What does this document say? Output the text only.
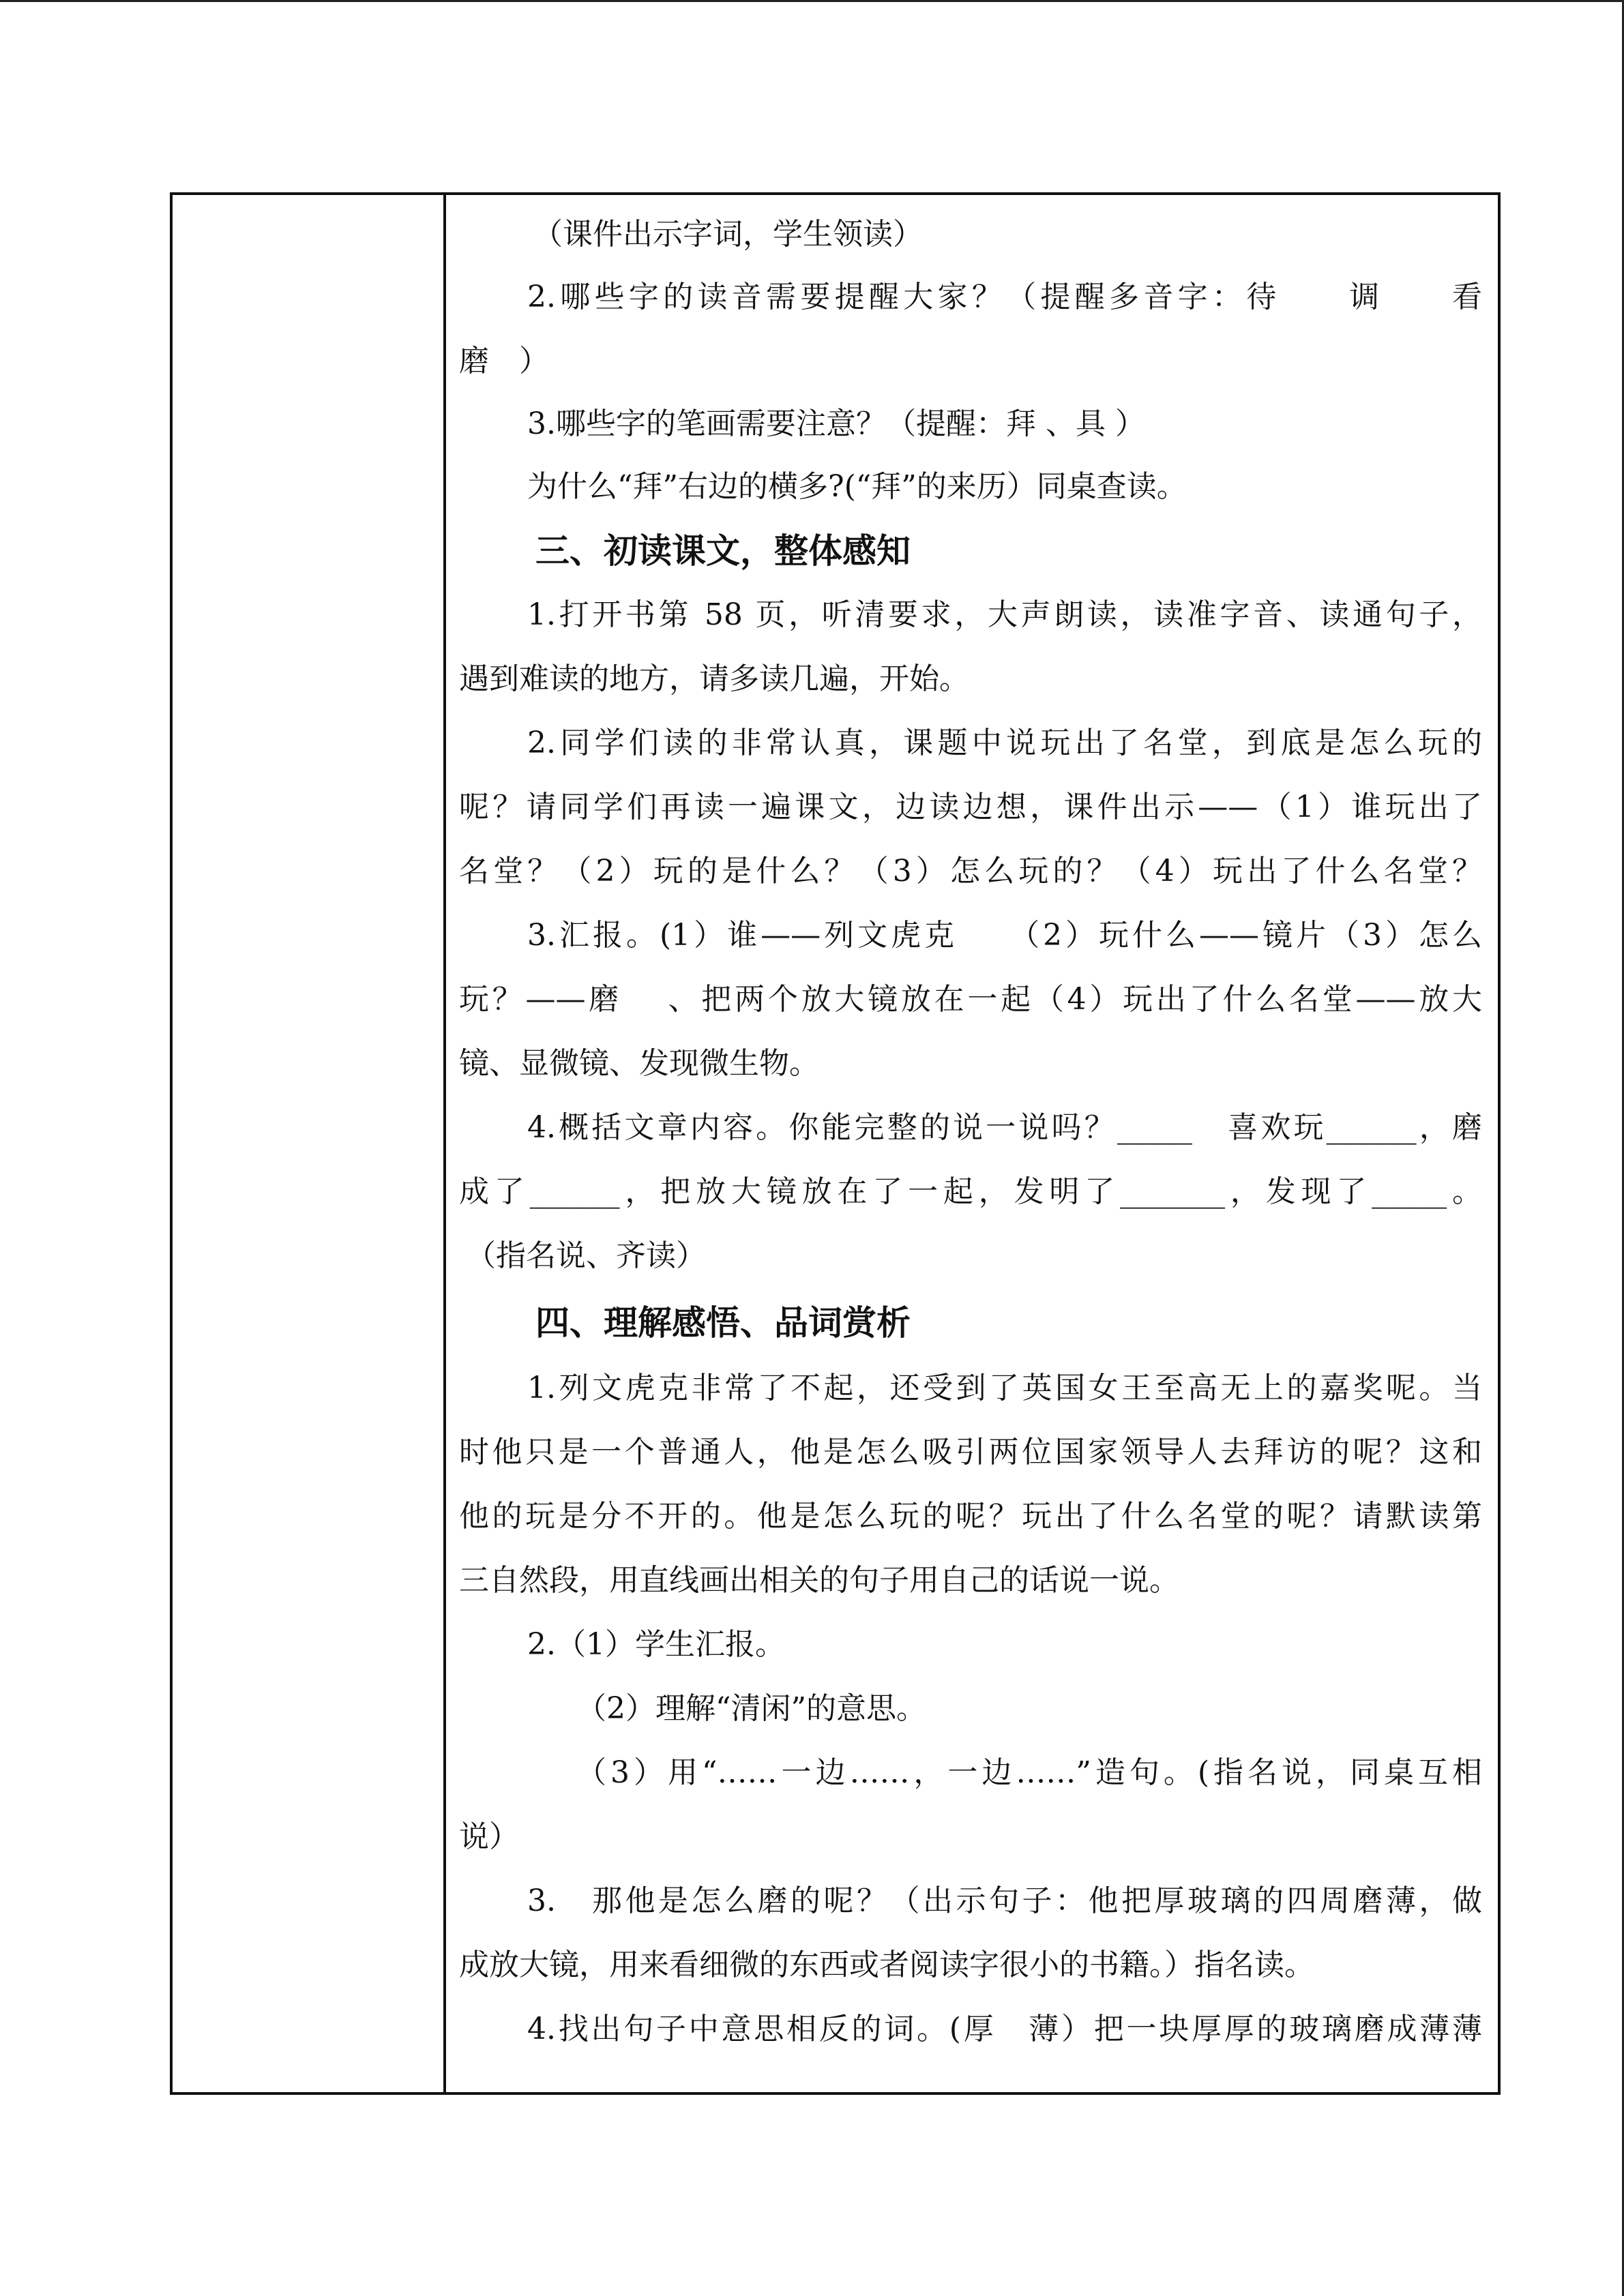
（课件出示字词，学生领读）
2.哪些字的读音需要提醒大家？（提醒多音字：待　　调　　看
磨　）
3.哪些字的笔画需要注意？（提醒：拜 、具 ）
为什么“拜”右边的横多?(“拜”的来历）同桌查读。
三、初读课文，整体感知
1.打开书第 58 页，听清要求，大声朗读，读准字音、读通句子，
遇到难读的地方，请多读几遍，开始。
2.同学们读的非常认真，课题中说玩出了名堂，到底是怎么玩的
呢？请同学们再读一遍课文，边读边想，课件出示——（1）谁玩出了
名堂？（2）玩的是什么？（3）怎么玩的？（4）玩出了什么名堂？
3.汇报。(1）谁——列文虎克　　（2）玩什么——镜片（3）怎么
玩？——磨　 、把两个放大镜放在一起（4）玩出了什么名堂——放大
镜、显微镜、发现微生物。
4.概括文章内容。你能完整的说一说吗？_____　喜欢玩______，磨
成了______，把放大镜放在了一起，发明了_______，发现了_____。
（指名说、齐读）
四、理解感悟、品词赏析
1.列文虎克非常了不起，还受到了英国女王至高无上的嘉奖呢。当
时他只是一个普通人，他是怎么吸引两位国家领导人去拜访的呢？这和
他的玩是分不开的。他是怎么玩的呢？玩出了什么名堂的呢？请默读第
三自然段，用直线画出相关的句子用自己的话说一说。
2.（1）学生汇报。
（2）理解“清闲”的意思。
（3）用“……一边……，一边……”造句。(指名说，同桌互相
说）
3.　那他是怎么磨的呢？（出示句子：他把厚玻璃的四周磨薄，做
成放大镜，用来看细微的东西或者阅读字很小的书籍。）指名读。
4.找出句子中意思相反的词。(厚　薄）把一块厚厚的玻璃磨成薄薄
